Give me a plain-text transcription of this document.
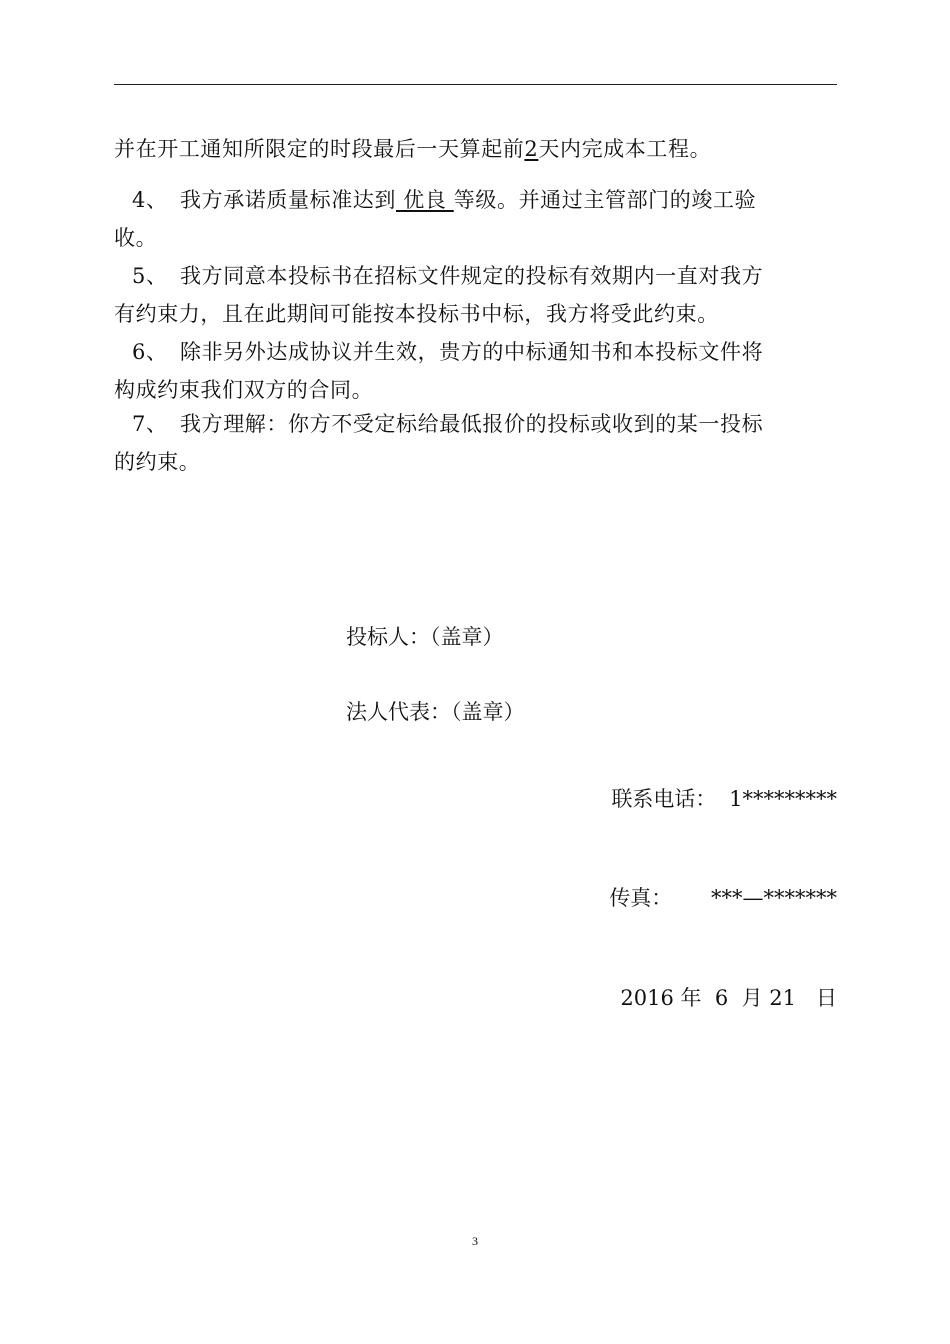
并在开工通知所限定的时段最后一天算起前2天内完成本工程。
4、 我方承诺质量标准达到 优良 等级。并通过主管部门的竣工验
收。
5、 我方同意本投标书在招标文件规定的投标有效期内一直对我方
有约束力，且在此期间可能按本投标书中标，我方将受此约束。
6、 除非另外达成协议并生效，贵方的中标通知书和本投标文件将
构成约束我们双方的合同。
7、 我方理解：你方不受定标给最低报价的投标或收到的某一投标
的约束。
投标人：（盖章）
法人代表：（盖章）
联系电话： 1*********
传真： ***—*******
2016 年  6  月 21   日
3
